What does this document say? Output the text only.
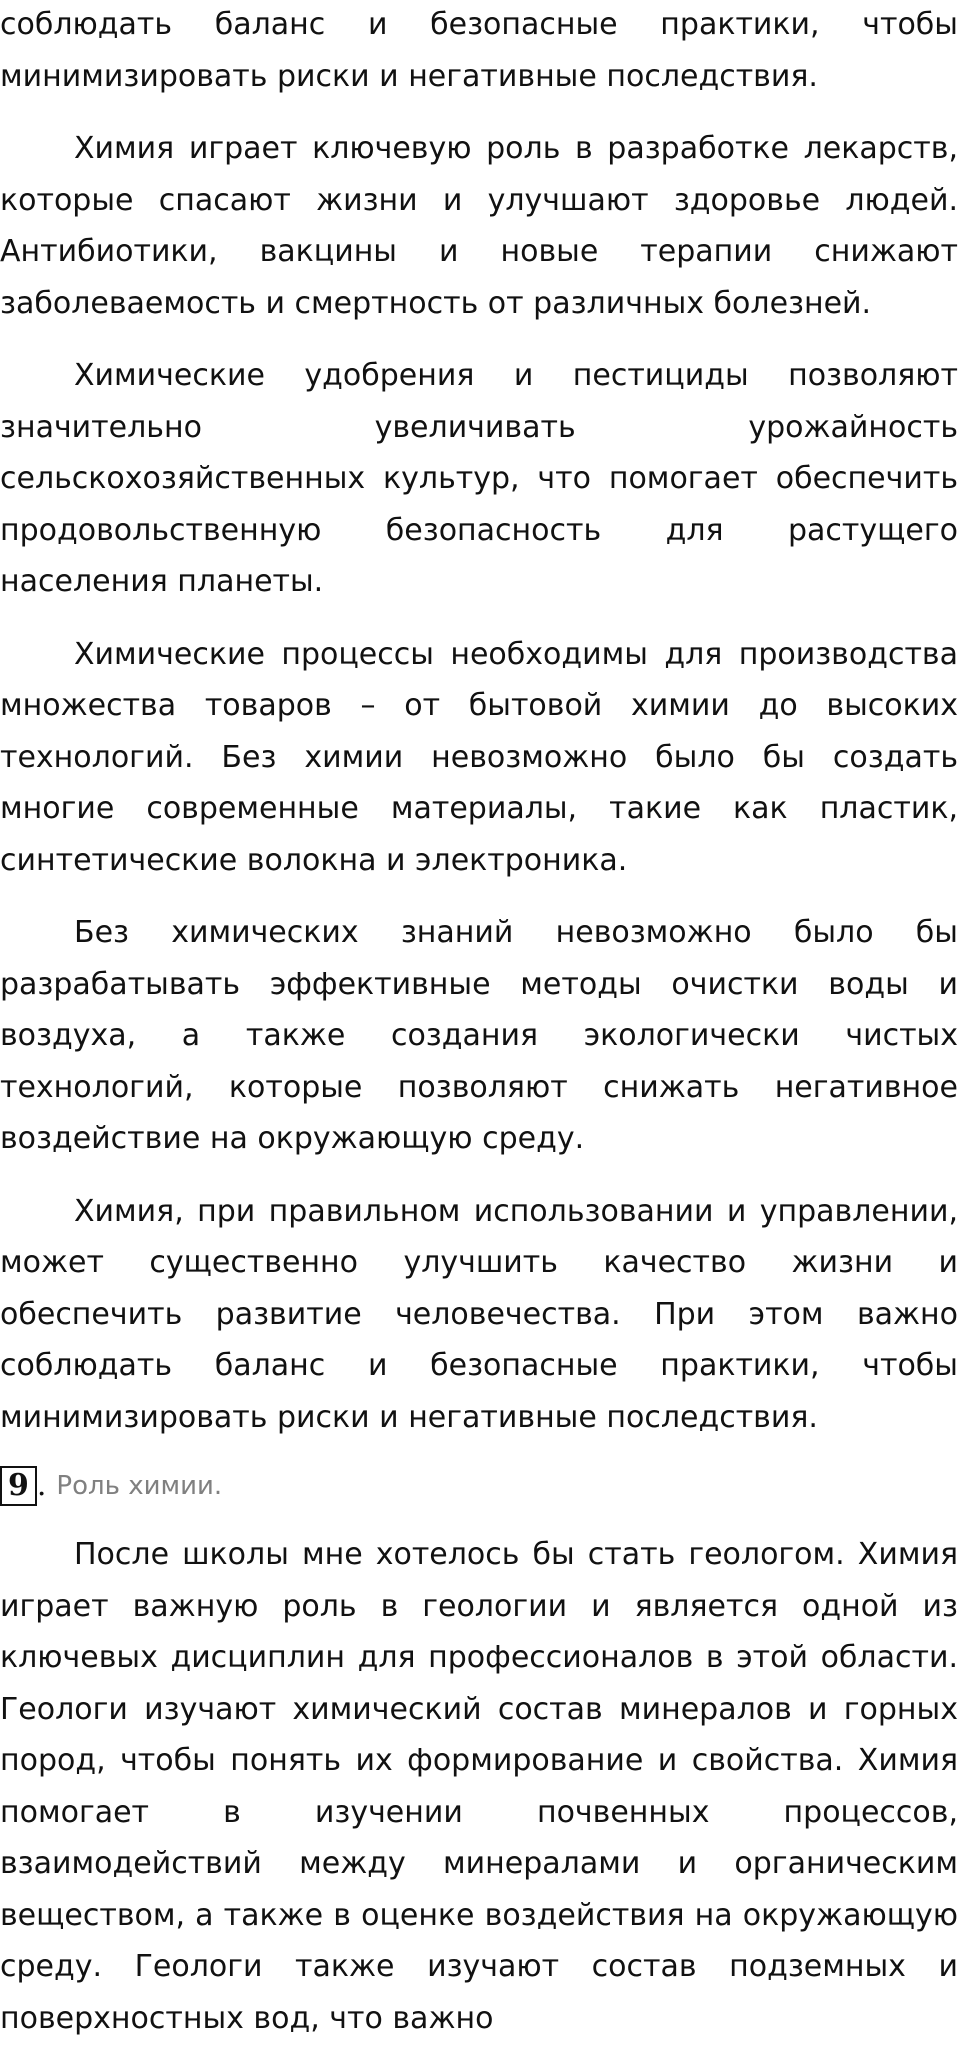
соблюдать баланс и безопасные практики, чтобы минимизировать риски и негативные последствия.

Химия играет ключевую роль в разработке лекарств, которые спасают жизни и улучшают здоровье людей. Антибиотики, вакцины и новые терапии снижают заболеваемость и смертность от различных болезней.

Химические удобрения и пестициды позволяют значительно увеличивать урожайность сельскохозяйственных культур, что помогает обеспечить продовольственную безопасность для растущего населения планеты.

Химические процессы необходимы для производства множества товаров – от бытовой химии до высоких технологий. Без химии невозможно было бы создать многие современные материалы, такие как пластик, синтетические волокна и электроника.

Без химических знаний невозможно было бы разрабатывать эффективные методы очистки воды и воздуха, а также создания экологически чистых технологий, которые позволяют снижать негативное воздействие на окружающую среду.

Химия, при правильном использовании и управлении, может существенно улучшить качество жизни и обеспечить развитие человечества. При этом важно соблюдать баланс и безопасные практики, чтобы минимизировать риски и негативные последствия.

9 . Роль химии.

После школы мне хотелось бы стать геологом. Химия играет важную роль в геологии и является одной из ключевых дисциплин для профессионалов в этой области. Геологи изучают химический состав минералов и горных пород, чтобы понять их формирование и свойства. Химия помогает в изучении почвенных процессов, взаимодействий между минералами и органическим веществом, а также в оценке воздействия на окружающую среду. Геологи также изучают состав подземных и поверхностных вод, что важно
